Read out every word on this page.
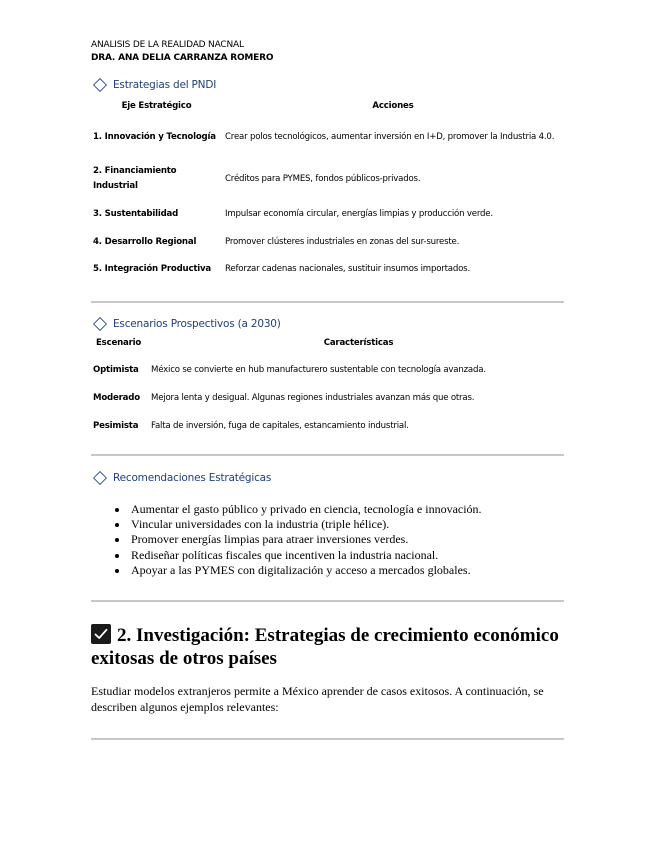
ANALISIS DE LA REALIDAD NACNAL
DRA. ANA DELIA CARRANZA ROMERO
Estrategias del PNDI
Eje Estratégico	Acciones
1. Innovación y Tecnología	Crear polos tecnológicos, aumentar inversión en I+D, promover la Industria 4.0.
2. Financiamiento Industrial	Créditos para PYMES, fondos públicos-privados.
3. Sustentabilidad	Impulsar economía circular, energías limpias y producción verde.
4. Desarrollo Regional	Promover clústeres industriales en zonas del sur-sureste.
5. Integración Productiva	Reforzar cadenas nacionales, sustituir insumos importados.
Escenarios Prospectivos (a 2030)
Escenario	Características
Optimista	México se convierte en hub manufacturero sustentable con tecnología avanzada.
Moderado	Mejora lenta y desigual. Algunas regiones industriales avanzan más que otras.
Pesimista	Falta de inversión, fuga de capitales, estancamiento industrial.
Recomendaciones Estratégicas
• Aumentar el gasto público y privado en ciencia, tecnología e innovación.
• Vincular universidades con la industria (triple hélice).
• Promover energías limpias para atraer inversiones verdes.
• Rediseñar políticas fiscales que incentiven la industria nacional.
• Apoyar a las PYMES con digitalización y acceso a mercados globales.
2. Investigación: Estrategias de crecimiento económico exitosas de otros países
Estudiar modelos extranjeros permite a México aprender de casos exitosos. A continuación, se describen algunos ejemplos relevantes:
